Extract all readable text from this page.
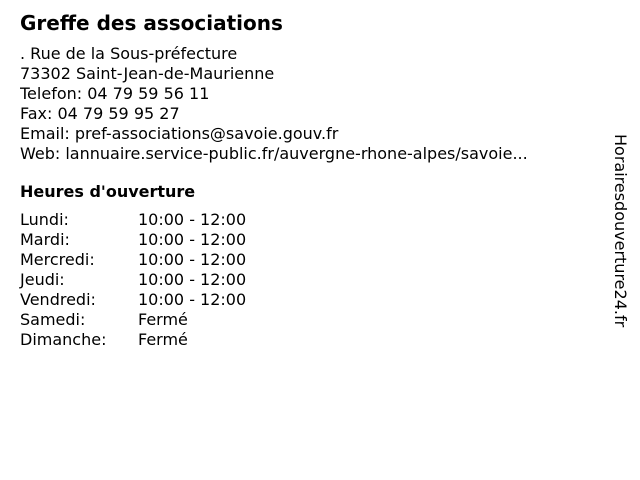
Greffe des associations
. Rue de la Sous-préfecture
73302 Saint-Jean-de-Maurienne
Telefon: 04 79 59 56 11
Fax: 04 79 59 95 27
Email: pref-associations@savoie.gouv.fr
Web: lannuaire.service-public.fr/auvergne-rhone-alpes/savoie...
Heures d'ouverture
Lundi:	10:00 - 12:00
Mardi:	10:00 - 12:00
Mercredi:	10:00 - 12:00
Jeudi:	10:00 - 12:00
Vendredi:	10:00 - 12:00
Samedi:	Fermé
Dimanche:	Fermé
Horairesdouverture24.fr
